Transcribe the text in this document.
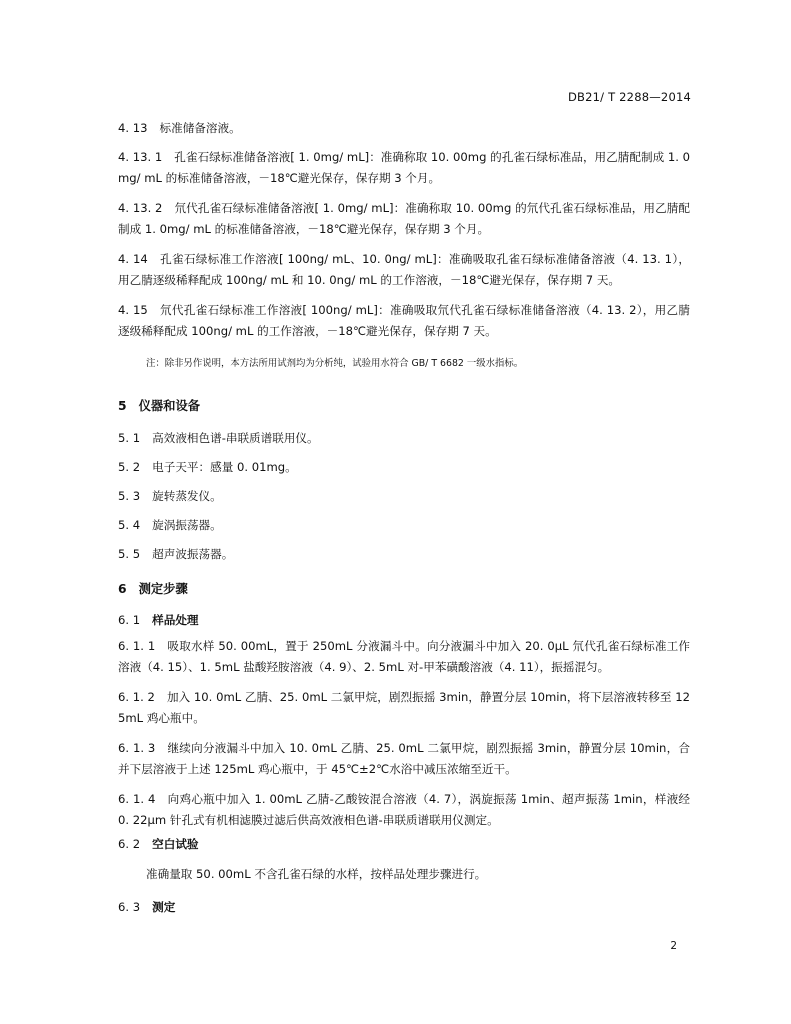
DB21/ T 2288—2014

4. 13 标准储备溶液。

4. 13. 1 孔雀石绿标准储备溶液[ 1. 0mg/ mL]：准确称取 10. 00mg 的孔雀石绿标准品，用乙腈配制成 1. 0mg/ mL 的标准储备溶液，－18℃避光保存，保存期 3 个月。

4. 13. 2 氘代孔雀石绿标准储备溶液[ 1. 0mg/ mL]：准确称取 10. 00mg 的氘代孔雀石绿标准品，用乙腈配制成 1. 0mg/ mL 的标准储备溶液，－18℃避光保存，保存期 3 个月。

4. 14 孔雀石绿标准工作溶液[ 100ng/ mL、10. 0ng/ mL]：准确吸取孔雀石绿标准储备溶液（4. 13. 1），用乙腈逐级稀释配成 100ng/ mL 和 10. 0ng/ mL 的工作溶液，－18℃避光保存，保存期 7 天。

4. 15 氘代孔雀石绿标准工作溶液[ 100ng/ mL]：准确吸取氘代孔雀石绿标准储备溶液（4. 13. 2），用乙腈逐级稀释配成 100ng/ mL 的工作溶液，－18℃避光保存，保存期 7 天。

注：除非另作说明，本方法所用试剂均为分析纯，试验用水符合 GB/ T 6682 一级水指标。

5 仪器和设备

5. 1 高效液相色谱-串联质谱联用仪。

5. 2 电子天平：感量 0. 01mg。

5. 3 旋转蒸发仪。

5. 4 旋涡振荡器。

5. 5 超声波振荡器。

6 测定步骤

6. 1 样品处理

6. 1. 1 吸取水样 50. 00mL，置于 250mL 分液漏斗中。向分液漏斗中加入 20. 0μL 氘代孔雀石绿标准工作溶液（4. 15）、1. 5mL 盐酸羟胺溶液（4. 9）、2. 5mL 对-甲苯磺酸溶液（4. 11），振摇混匀。

6. 1. 2 加入 10. 0mL 乙腈、25. 0mL 二氯甲烷，剧烈振摇 3min，静置分层 10min，将下层溶液转移至 125mL 鸡心瓶中。

6. 1. 3 继续向分液漏斗中加入 10. 0mL 乙腈、25. 0mL 二氯甲烷，剧烈振摇 3min，静置分层 10min，合并下层溶液于上述 125mL 鸡心瓶中，于 45℃±2℃水浴中减压浓缩至近干。

6. 1. 4 向鸡心瓶中加入 1. 00mL 乙腈-乙酸铵混合溶液（4. 7），涡旋振荡 1min、超声振荡 1min，样液经 0. 22μm 针孔式有机相滤膜过滤后供高效液相色谱-串联质谱联用仪测定。

6. 2 空白试验

准确量取 50. 00mL 不含孔雀石绿的水样，按样品处理步骤进行。

6. 3 测定

2
